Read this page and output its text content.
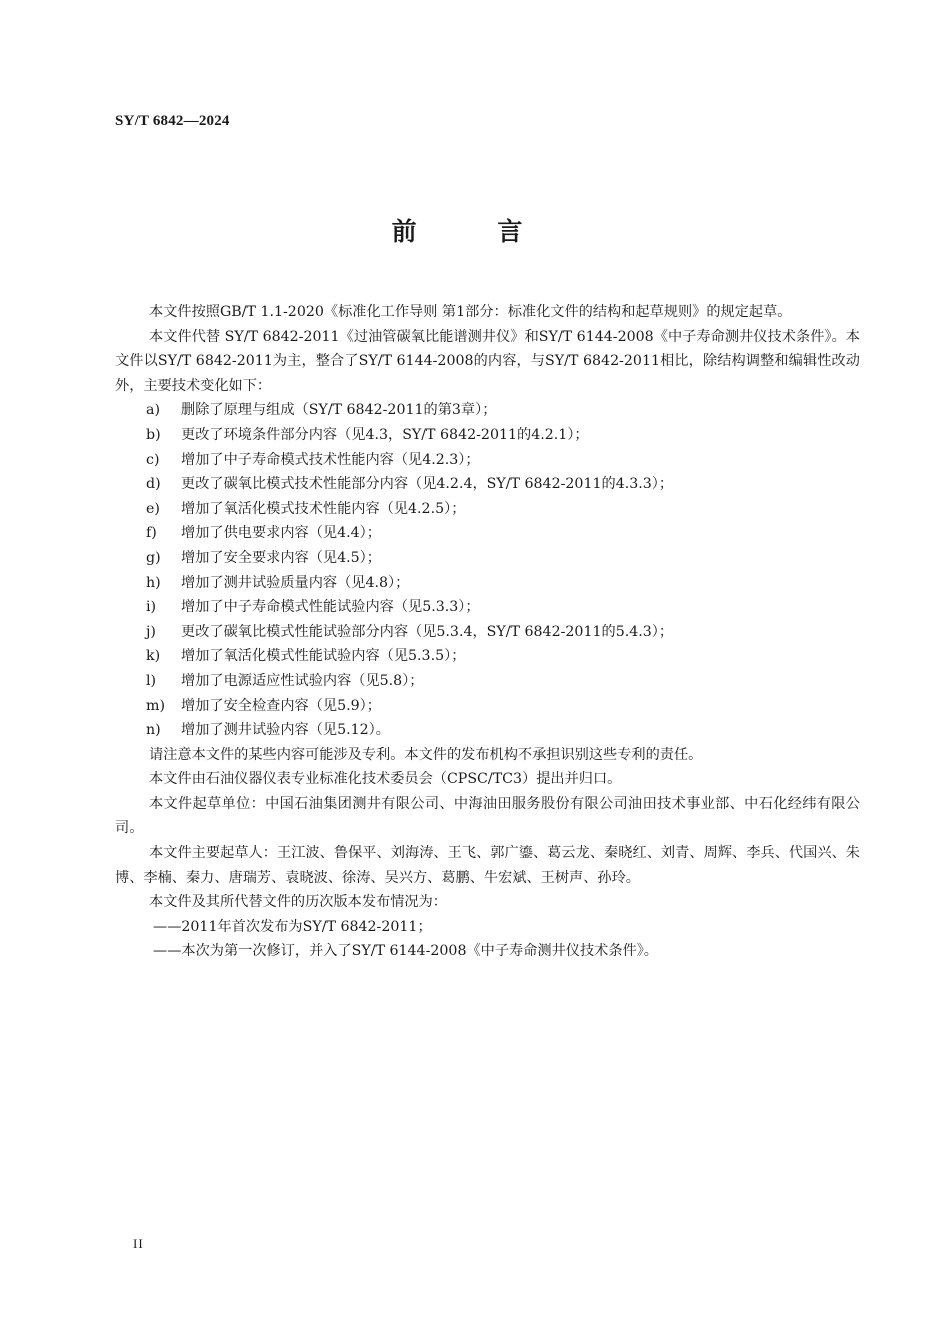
SY/T 6842—2024
前 言

本文件按照GB/T 1.1-2020《标准化工作导则 第1部分：标准化文件的结构和起草规则》的规定起草。

本文件代替 SY/T 6842-2011《过油管碳氧比能谱测井仪》和SY/T 6144-2008《中子寿命测井仪技术条件》。本文件以SY/T 6842-2011为主，整合了SY/T 6144-2008的内容，与SY/T 6842-2011相比，除结构调整和编辑性改动外，主要技术变化如下：

a) 删除了原理与组成（SY/T 6842-2011的第3章）；
b) 更改了环境条件部分内容（见4.3，SY/T 6842-2011的4.2.1）；
c) 增加了中子寿命模式技术性能内容（见4.2.3）；
d) 更改了碳氧比模式技术性能部分内容（见4.2.4，SY/T 6842-2011的4.3.3）；
e) 增加了氧活化模式技术性能内容（见4.2.5）；
f) 增加了供电要求内容（见4.4）；
g) 增加了安全要求内容（见4.5）；
h) 增加了测井试验质量内容（见4.8）；
i) 增加了中子寿命模式性能试验内容（见5.3.3）；
j) 更改了碳氧比模式性能试验部分内容（见5.3.4，SY/T 6842-2011的5.4.3）；
k) 增加了氧活化模式性能试验内容（见5.3.5）；
l) 增加了电源适应性试验内容（见5.8）；
m) 增加了安全检查内容（见5.9）；
n) 增加了测井试验内容（见5.12）。

请注意本文件的某些内容可能涉及专利。本文件的发布机构不承担识别这些专利的责任。

本文件由石油仪器仪表专业标准化技术委员会（CPSC/TC3）提出并归口。

本文件起草单位：中国石油集团测井有限公司、中海油田服务股份有限公司油田技术事业部、中石化经纬有限公司。

本文件主要起草人：王江波、鲁保平、刘海涛、王飞、郭广鎏、葛云龙、秦晓红、刘青、周辉、李兵、代国兴、朱博、李楠、秦力、唐瑞芳、袁晓波、徐涛、吴兴方、葛鹏、牛宏斌、王树声、孙玲。

本文件及其所代替文件的历次版本发布情况为：

——2011年首次发布为SY/T 6842-2011；

——本次为第一次修订，并入了SY/T 6144-2008《中子寿命测井仪技术条件》。

II
